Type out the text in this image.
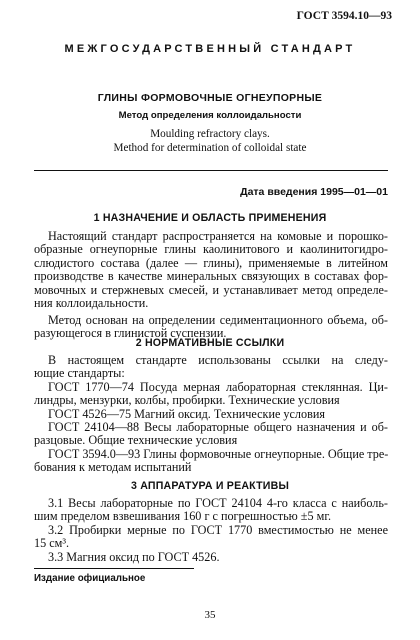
ГОСТ 3594.10—93
МЕЖГОСУДАРСТВЕННЫЙ СТАНДАРТ
ГЛИНЫ ФОРМОВОЧНЫЕ ОГНЕУПОРНЫЕ
Метод определения коллоидальности
Moulding refractory clays.
Method for determination of colloidal state
Дата введения 1995—01—01
1 НАЗНАЧЕНИЕ И ОБЛАСТЬ ПРИМЕНЕНИЯ
Настоящий стандарт распространяется на комовые и порошко-
образные огнеупорные глины каолинитового и каолинитогидро-
слюдистого состава (далее — глины), применяемые в литейном
производстве в качестве минеральных связующих в составах фор-
мовочных и стержневых смесей, и устанавливает метод определе-
ния коллоидальности.
Метод основан на определении седиментационного объема, об-
разующегося в глинистой суспензии.
2 НОРМАТИВНЫЕ ССЫЛКИ
В настоящем стандарте использованы ссылки на следу-
ющие стандарты:
ГОСТ 1770—74 Посуда мерная лабораторная стеклянная. Ци-
линдры, мензурки, колбы, пробирки. Технические условия
ГОСТ 4526—75 Магний оксид. Технические условия
ГОСТ 24104—88 Весы лабораторные общего назначения и об-
разцовые. Общие технические условия
ГОСТ 3594.0—93 Глины формовочные огнеупорные. Общие тре-
бования к методам испытаний
3 АППАРАТУРА И РЕАКТИВЫ
3.1 Весы лабораторные по ГОСТ 24104 4-го класса с наиболь-
шим пределом взвешивания 160 г с погрешностью ±5 мг.
3.2 Пробирки мерные по ГОСТ 1770 вместимостью не менее
15 см³.
3.3 Магния оксид по ГОСТ 4526.
Издание официальное
35
